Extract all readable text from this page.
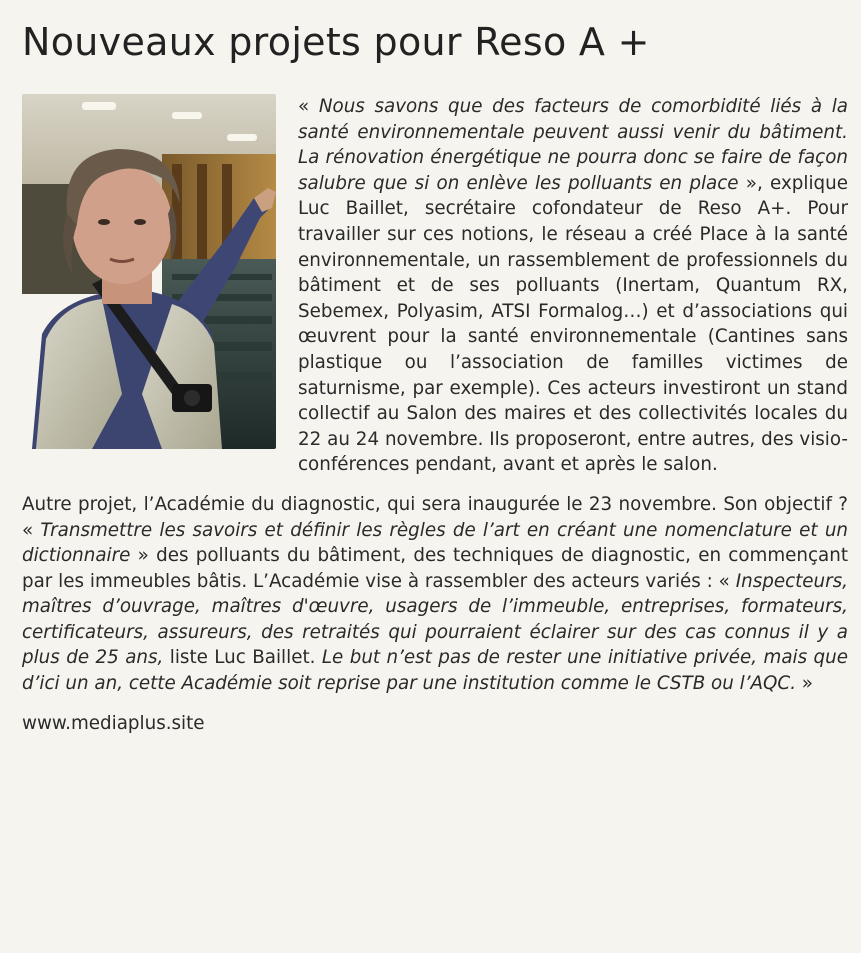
Nouveaux projets pour Reso A +

« Nous savons que des facteurs de comorbidité liés à la santé environnementale peuvent aussi venir du bâtiment. La rénovation énergétique ne pourra donc se faire de façon salubre que si on enlève les polluants en place », explique Luc Baillet, secrétaire cofondateur de Reso A+. Pour travailler sur ces notions, le réseau a créé Place à la santé environnementale, un rassemblement de professionnels du bâtiment et de ses polluants (Inertam, Quantum RX, Sebemex, Polyasim, ATSI Formalog…) et d’associations qui œuvrent pour la santé environnementale (Cantines sans plastique ou l’association de familles victimes de saturnisme, par exemple). Ces acteurs investiront un stand collectif au Salon des maires et des collectivités locales du 22 au 24 novembre. Ils proposeront, entre autres, des visio-conférences pendant, avant et après le salon.

Autre projet, l’Académie du diagnostic, qui sera inaugurée le 23 novembre. Son objectif ? « Transmettre les savoirs et définir les règles de l’art en créant une nomenclature et un dictionnaire » des polluants du bâtiment, des techniques de diagnostic, en commençant par les immeubles bâtis. L’Académie vise à rassembler des acteurs variés : « Inspecteurs, maîtres d’ouvrage, maîtres d'œuvre, usagers de l’immeuble, entreprises, formateurs, certificateurs, assureurs, des retraités qui pourraient éclairer sur des cas connus il y a plus de 25 ans, liste Luc Baillet. Le but n’est pas de rester une initiative privée, mais que d’ici un an, cette Académie soit reprise par une institution comme le CSTB ou l’AQC. »

www.mediaplus.site
